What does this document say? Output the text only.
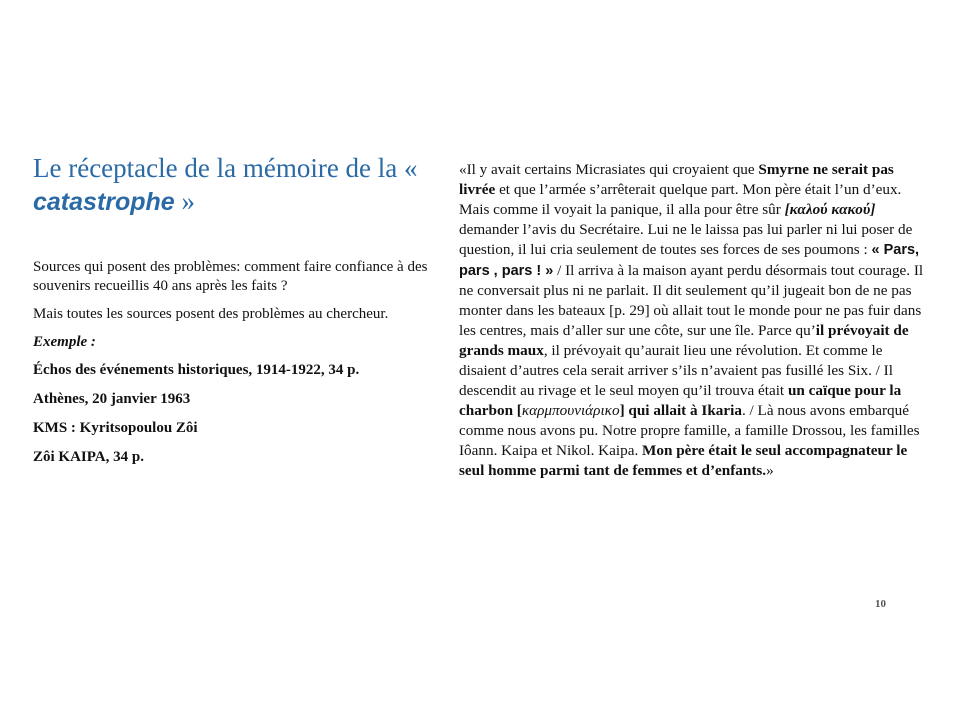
Le réceptacle de la mémoire de la « catastrophe »

Sources qui posent des problèmes: comment faire confiance à des souvenirs recueillis 40 ans après les faits ?

Mais toutes les sources posent des problèmes au chercheur.

Exemple :

Échos des événements historiques, 1914-1922, 34 p.

Athènes, 20 janvier 1963

KMS : Kyritsopoulou Zôi

Zôi KAIPA, 34 p.

«Il y avait certains Micrasiates qui croyaient que Smyrne ne serait pas livrée et que l’armée s’arrêterait quelque part. Mon père était l’un d’eux. Mais comme il voyait la panique, il alla pour être sûr [καλού κακού] demander l’avis du Secrétaire. Lui ne le laissa pas lui parler ni lui poser de question, il lui cria seulement de toutes ses forces de ses poumons : « Pars, pars , pars ! » / Il arriva à la maison ayant perdu désormais tout courage. Il ne conversait plus ni ne parlait. Il dit seulement qu’il jugeait bon de ne pas monter dans les bateaux [p. 29] où allait tout le monde pour ne pas fuir dans les centres, mais d’aller sur une côte, sur une île. Parce qu’il prévoyait de grands maux, il prévoyait qu’aurait lieu une révolution. Et comme le disaient d’autres cela serait arriver s’ils n’avaient pas fusillé les Six. / Il descendit au rivage et le seul moyen qu’il trouva était un caïque pour la charbon [καρμπουνιάρικο] qui allait à Ikaria. / Là nous avons embarqué comme nous avons pu. Notre propre famille, a famille Drossou, les familles Iôann. Kaipa et Nikol. Kaipa. Mon père était le seul accompagnateur le seul homme parmi tant de femmes et d’enfants.»

10
